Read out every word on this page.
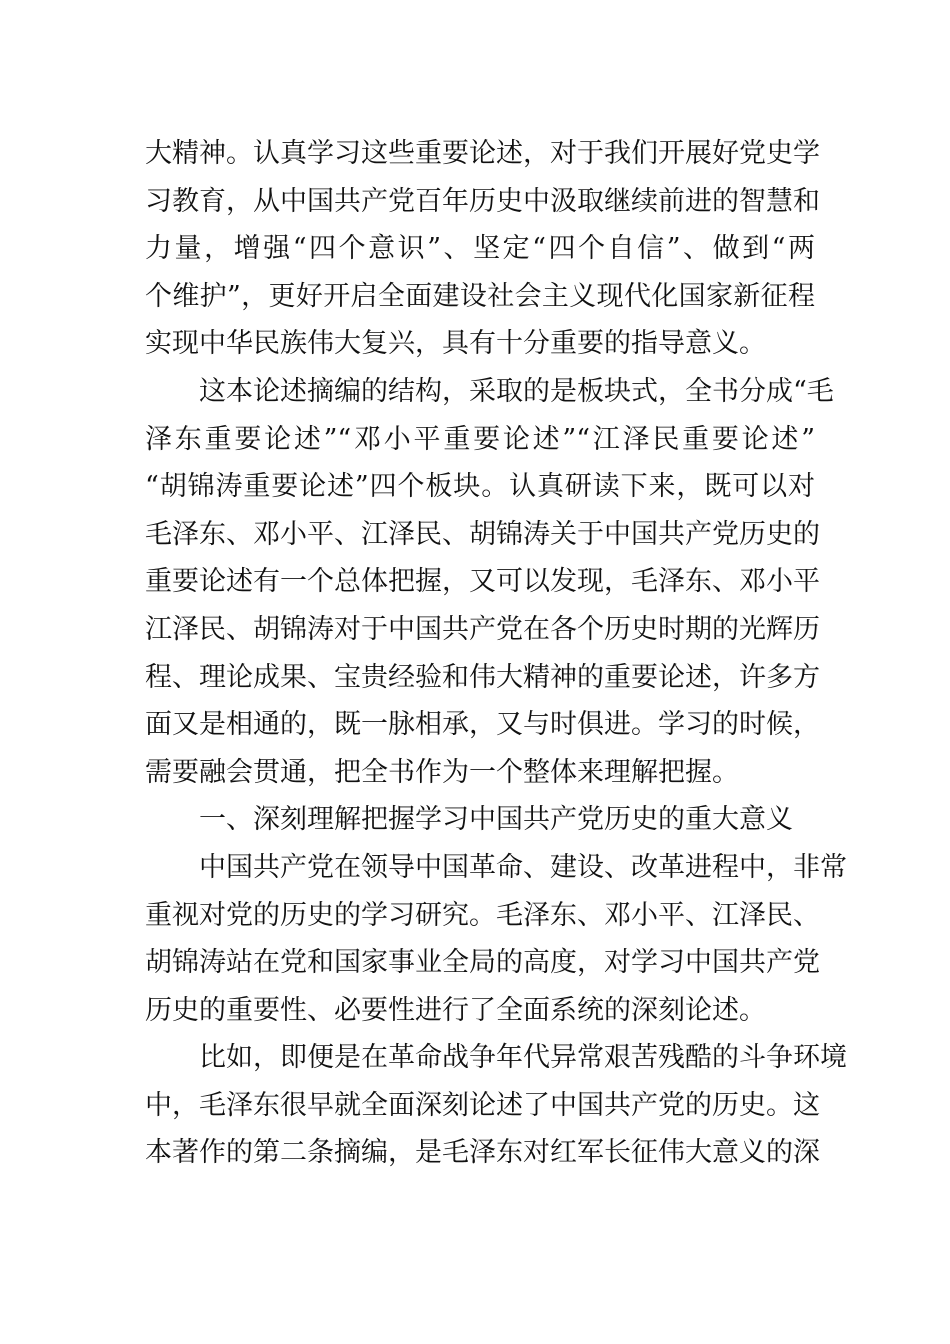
大精神。认真学习这些重要论述，对于我们开展好党史学
习教育，从中国共产党百年历史中汲取继续前进的智慧和
力量，增强“四个意识”、坚定“四个自信”、做到“两
个维护”，更好开启全面建设社会主义现代化国家新征程
实现中华民族伟大复兴，具有十分重要的指导意义。
这本论述摘编的结构，采取的是板块式，全书分成“毛
泽东重要论述”“邓小平重要论述”“江泽民重要论述”
“胡锦涛重要论述”四个板块。认真研读下来，既可以对
毛泽东、邓小平、江泽民、胡锦涛关于中国共产党历史的
重要论述有一个总体把握，又可以发现，毛泽东、邓小平
江泽民、胡锦涛对于中国共产党在各个历史时期的光辉历
程、理论成果、宝贵经验和伟大精神的重要论述，许多方
面又是相通的，既一脉相承，又与时俱进。学习的时候，
需要融会贯通，把全书作为一个整体来理解把握。
一、深刻理解把握学习中国共产党历史的重大意义
中国共产党在领导中国革命、建设、改革进程中，非常
重视对党的历史的学习研究。毛泽东、邓小平、江泽民、
胡锦涛站在党和国家事业全局的高度，对学习中国共产党
历史的重要性、必要性进行了全面系统的深刻论述。
比如，即便是在革命战争年代异常艰苦残酷的斗争环境
中，毛泽东很早就全面深刻论述了中国共产党的历史。这
本著作的第二条摘编，是毛泽东对红军长征伟大意义的深
